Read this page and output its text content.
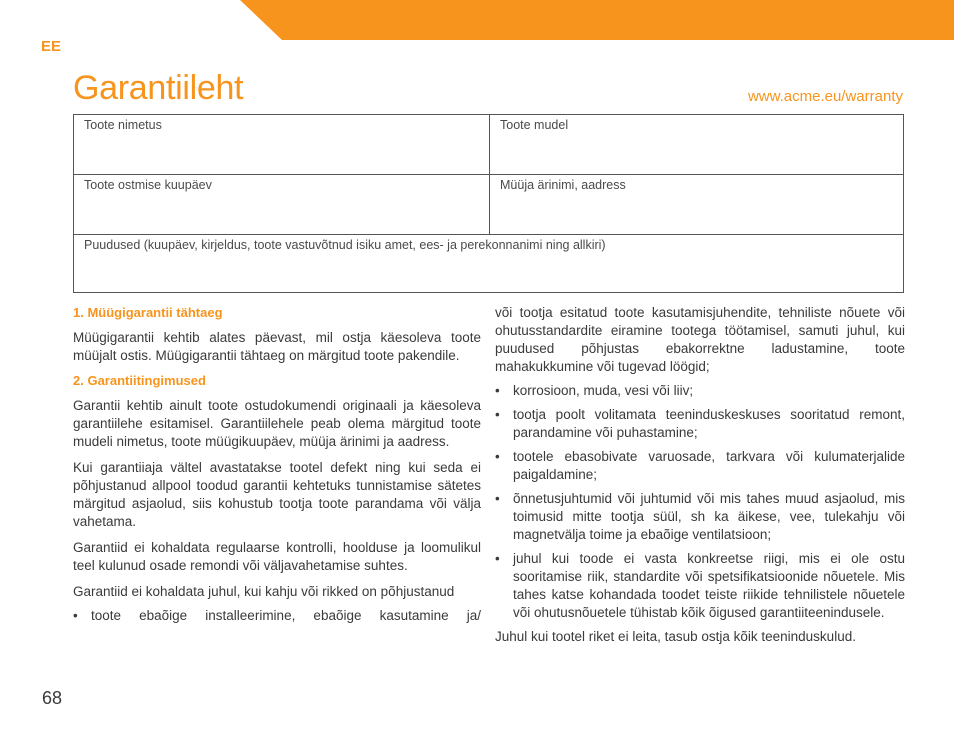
EE
Garantiileht	www.acme.eu/warranty
Toote nimetus	Toote mudel
Toote ostmise kuupäev	Müüja ärinimi, aadress
Puudused (kuupäev, kirjeldus, toote vastuvõtnud isiku amet, ees- ja perekonnanimi ning allkiri)
1. Müügigarantii tähtaeg

Müügigarantii kehtib alates päevast, mil ostja käesoleva toote müüjalt ostis. Müügigarantii tähtaeg on märgitud toote pakendile.

2. Garantiitingimused

Garantii kehtib ainult toote ostudokumendi originaali ja käesoleva garantiilehe esitamisel. Garantiilehele peab olema märgitud toote mudeli nimetus, toote müügikuupäev, müüja ärinimi ja aadress.

Kui garantiiaja vältel avastatakse tootel defekt ning kui seda ei põhjustanud allpool toodud garantii kehtetuks tunnistamise sätetes märgitud asjaolud, siis kohustub tootja toote parandama või välja vahetama.

Garantiid ei kohaldata regulaarse kontrolli, hoolduse ja loomulikul teel kulunud osade remondi või väljavahetamise suhtes.

Garantiid ei kohaldata juhul, kui kahju või rikked on põhjustanud

• toote ebaõige installeerimine, ebaõige kasutamine ja/

või tootja esitatud toote kasutamisjuhendite, tehniliste nõuete või ohutusstandardite eiramine tootega töötamisel, samuti juhul, kui puudused põhjustas ebakorrektne ladustamine, toote mahakukkumine või tugevad löögid;

• korrosioon, muda, vesi või liiv;

• tootja poolt volitamata teeninduskeskuses sooritatud remont, parandamine või puhastamine;

• tootele ebasobivate varuosade, tarkvara või kulumaterjalide paigaldamine;

• õnnetusjuhtumid või juhtumid või mis tahes muud asjaolud, mis toimusid mitte tootja süül, sh ka äikese, vee, tulekahju või magnetvälja toime ja ebaõige ventilatsioon;

• juhul kui toode ei vasta konkreetse riigi, mis ei ole ostu sooritamise riik, standardite või spetsifikatsioonide nõuetele. Mis tahes katse kohandada toodet teiste riikide tehnilistele nõuetele või ohutusnõuetele tühistab kõik õigused garantiiteenindusele.

Juhul kui tootel riket ei leita, tasub ostja kõik teeninduskulud.

68
